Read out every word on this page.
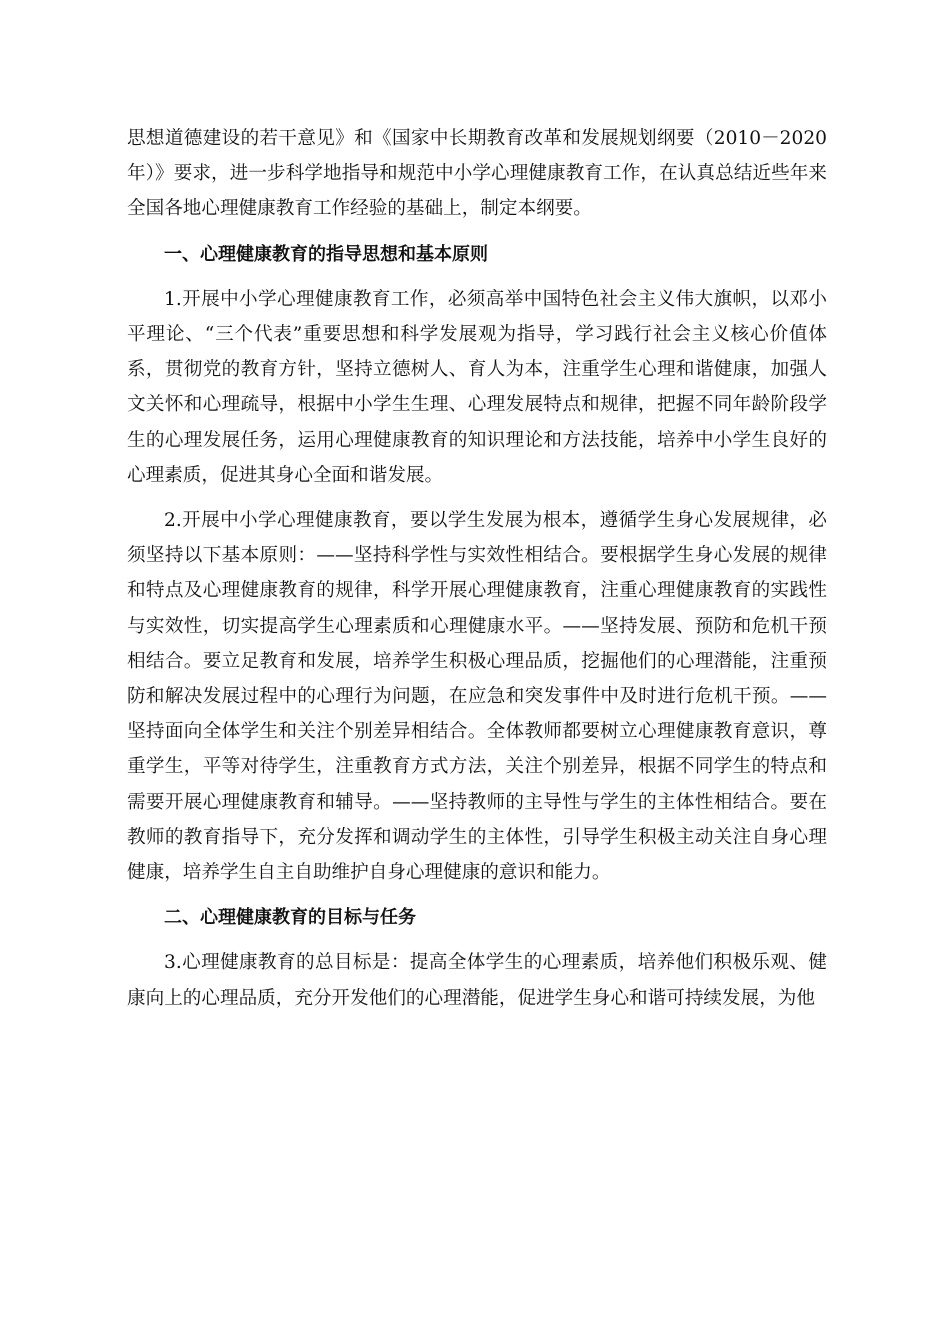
思想道德建设的若干意见》和《国家中长期教育改革和发展规划纲要（2010－2020年）》要求，进一步科学地指导和规范中小学心理健康教育工作，在认真总结近些年来全国各地心理健康教育工作经验的基础上，制定本纲要。

一、心理健康教育的指导思想和基本原则

1.开展中小学心理健康教育工作，必须高举中国特色社会主义伟大旗帜，以邓小平理论、“三个代表”重要思想和科学发展观为指导，学习践行社会主义核心价值体系，贯彻党的教育方针，坚持立德树人、育人为本，注重学生心理和谐健康，加强人文关怀和心理疏导，根据中小学生生理、心理发展特点和规律，把握不同年龄阶段学生的心理发展任务，运用心理健康教育的知识理论和方法技能，培养中小学生良好的心理素质，促进其身心全面和谐发展。

2.开展中小学心理健康教育，要以学生发展为根本，遵循学生身心发展规律，必须坚持以下基本原则：——坚持科学性与实效性相结合。要根据学生身心发展的规律和特点及心理健康教育的规律，科学开展心理健康教育，注重心理健康教育的实践性与实效性，切实提高学生心理素质和心理健康水平。——坚持发展、预防和危机干预相结合。要立足教育和发展，培养学生积极心理品质，挖掘他们的心理潜能，注重预防和解决发展过程中的心理行为问题，在应急和突发事件中及时进行危机干预。——坚持面向全体学生和关注个别差异相结合。全体教师都要树立心理健康教育意识，尊重学生，平等对待学生，注重教育方式方法，关注个别差异，根据不同学生的特点和需要开展心理健康教育和辅导。——坚持教师的主导性与学生的主体性相结合。要在教师的教育指导下，充分发挥和调动学生的主体性，引导学生积极主动关注自身心理健康，培养学生自主自助维护自身心理健康的意识和能力。

二、心理健康教育的目标与任务

3.心理健康教育的总目标是：提高全体学生的心理素质，培养他们积极乐观、健康向上的心理品质，充分开发他们的心理潜能，促进学生身心和谐可持续发展，为他
